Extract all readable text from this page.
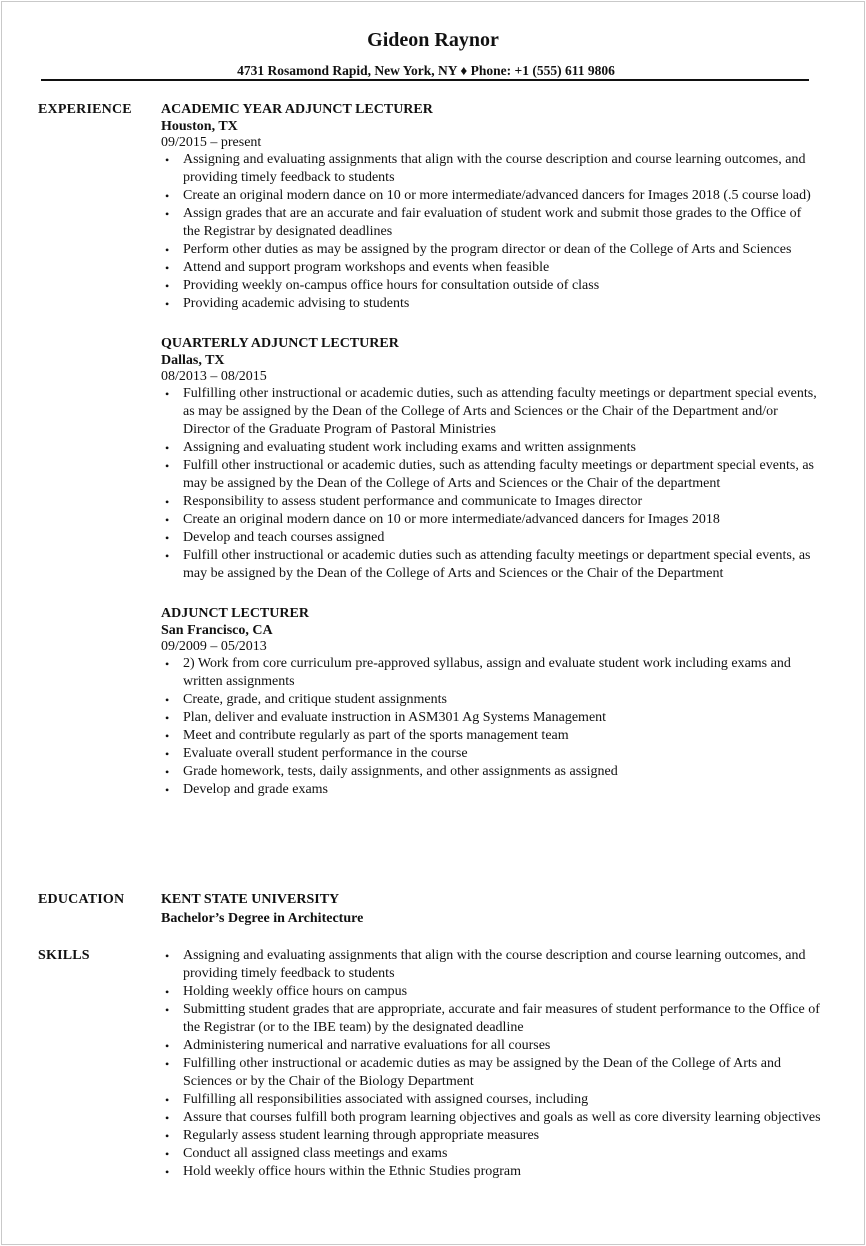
Gideon Raynor
4731 Rosamond Rapid, New York, NY ♦ Phone: +1 (555) 611 9806
EXPERIENCE ACADEMIC YEAR ADJUNCT LECTURER
Houston, TX
09/2015 – present
• Assigning and evaluating assignments that align with the course description and course learning outcomes, and providing timely feedback to students
• Create an original modern dance on 10 or more intermediate/advanced dancers for Images 2018 (.5 course load)
• Assign grades that are an accurate and fair evaluation of student work and submit those grades to the Office of the Registrar by designated deadlines
• Perform other duties as may be assigned by the program director or dean of the College of Arts and Sciences
• Attend and support program workshops and events when feasible
• Providing weekly on-campus office hours for consultation outside of class
• Providing academic advising to students
QUARTERLY ADJUNCT LECTURER
Dallas, TX
08/2013 – 08/2015
• Fulfilling other instructional or academic duties, such as attending faculty meetings or department special events, as may be assigned by the Dean of the College of Arts and Sciences or the Chair of the Department and/or Director of the Graduate Program of Pastoral Ministries
• Assigning and evaluating student work including exams and written assignments
• Fulfill other instructional or academic duties, such as attending faculty meetings or department special events, as may be assigned by the Dean of the College of Arts and Sciences or the Chair of the department
• Responsibility to assess student performance and communicate to Images director
• Create an original modern dance on 10 or more intermediate/advanced dancers for Images 2018
• Develop and teach courses assigned
• Fulfill other instructional or academic duties such as attending faculty meetings or department special events, as may be assigned by the Dean of the College of Arts and Sciences or the Chair of the Department
ADJUNCT LECTURER
San Francisco, CA
09/2009 – 05/2013
• 2) Work from core curriculum pre-approved syllabus, assign and evaluate student work including exams and written assignments
• Create, grade, and critique student assignments
• Plan, deliver and evaluate instruction in ASM301 Ag Systems Management
• Meet and contribute regularly as part of the sports management team
• Evaluate overall student performance in the course
• Grade homework, tests, daily assignments, and other assignments as assigned
• Develop and grade exams
EDUCATION	KENT STATE UNIVERSITY
Bachelor’s Degree in Architecture
SKILLS
•	Assigning and evaluating assignments that align with the course description and course learning outcomes, and providing timely feedback to students
• Holding weekly office hours on campus
• Submitting student grades that are appropriate, accurate and fair measures of student performance to the Office of the Registrar (or to the IBE team) by the designated deadline
• Administering numerical and narrative evaluations for all courses
• Fulfilling other instructional or academic duties as may be assigned by the Dean of the College of Arts and Sciences or by the Chair of the Biology Department
• Fulfilling all responsibilities associated with assigned courses, including
• Assure that courses fulfill both program learning objectives and goals as well as core diversity learning objectives
• Regularly assess student learning through appropriate measures
• Conduct all assigned class meetings and exams
• Hold weekly office hours within the Ethnic Studies program
